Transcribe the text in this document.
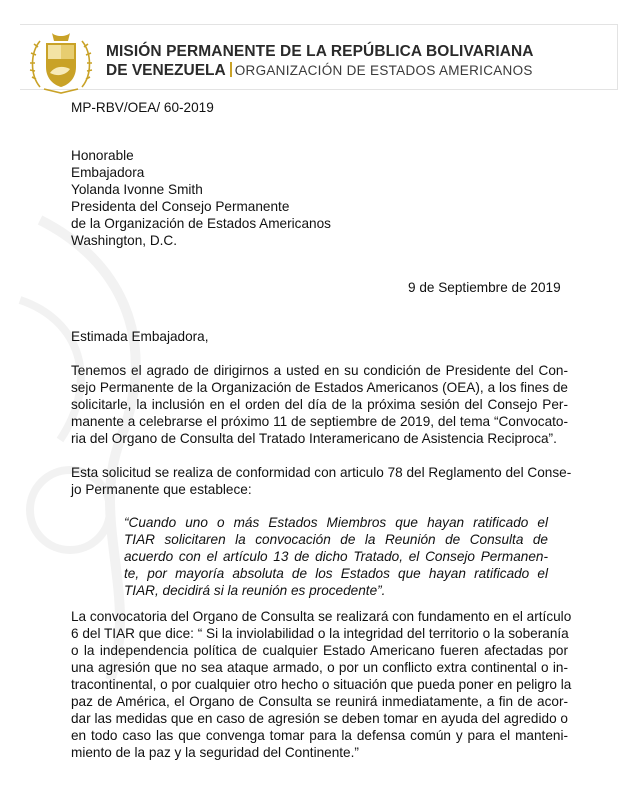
MISIÓN PERMANENTE DE LA REPÚBLICA BOLIVARIANA
DE VENEZUELA ORGANIZACIÓN DE ESTADOS AMERICANOS
MP-RBV/OEA/ 60-2019
Honorable
Embajadora
Yolanda Ivonne Smith
Presidenta del Consejo Permanente
de la Organización de Estados Americanos
Washington, D.C.
9 de Septiembre de 2019
Estimada Embajadora,
Tenemos el agrado de dirigirnos a usted en su condición de Presidente del Con-
sejo Permanente de la Organización de Estados Americanos (OEA), a los fines de
solicitarle, la inclusión en el orden del día de la próxima sesión del Consejo Per-
manente a celebrarse el próximo 11 de septiembre de 2019, del tema “Convocato-
ria del Organo de Consulta del Tratado Interamericano de Asistencia Reciproca”.
Esta solicitud se realiza de conformidad con articulo 78 del Reglamento del Conse-
jo Permanente que establece:
“Cuando uno o más Estados Miembros que hayan ratificado el
TIAR solicitaren la convocación de la Reunión de Consulta de
acuerdo con el artículo 13 de dicho Tratado, el Consejo Permanen-
te, por mayoría absoluta de los Estados que hayan ratificado el
TIAR, decidirá si la reunión es procedente”.
La convocatoria del Organo de Consulta se realizará con fundamento en el artículo
6 del TIAR que dice: “ Si la inviolabilidad o la integridad del territorio o la soberanía
o la independencia política de cualquier Estado Americano fueren afectadas por
una agresión que no sea ataque armado, o por un conflicto extra continental o in-
tracontinental, o por cualquier otro hecho o situación que pueda poner en peligro la
paz de América, el Organo de Consulta se reunirá inmediatamente, a fin de acor-
dar las medidas que en caso de agresión se deben tomar en ayuda del agredido o
en todo caso las que convenga tomar para la defensa común y para el manteni-
miento de la paz y la seguridad del Continente.”
